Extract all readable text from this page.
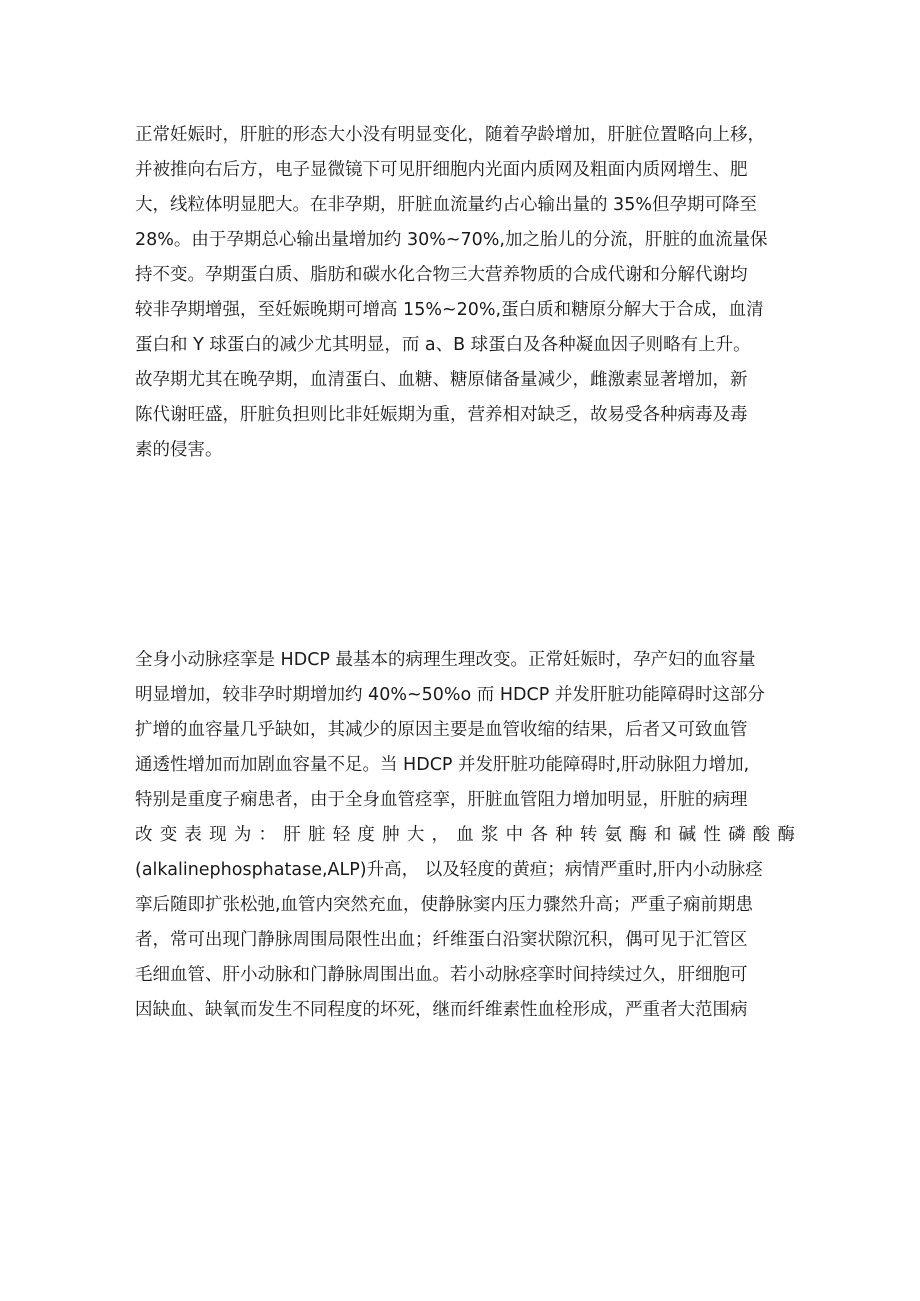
正常妊娠时，肝脏的形态大小没有明显变化，随着孕龄增加，肝脏位置略向上移，
并被推向右后方，电子显微镜下可见肝细胞内光面内质网及粗面内质网增生、肥
大，线粒体明显肥大。在非孕期，肝脏血流量约占心输出量的 35%但孕期可降至
28%。由于孕期总心输出量增加约 30%~70%,加之胎儿的分流，肝脏的血流量保
持不变。孕期蛋白质、脂肪和碳水化合物三大营养物质的合成代谢和分解代谢均
较非孕期增强，至妊娠晚期可增高 15%~20%,蛋白质和糖原分解大于合成，血清
蛋白和 Y 球蛋白的减少尤其明显，而 a、B 球蛋白及各种凝血因子则略有上升。
故孕期尤其在晚孕期，血清蛋白、血糖、糖原储备量减少，雌激素显著增加，新
陈代谢旺盛，肝脏负担则比非妊娠期为重，营养相对缺乏，故易受各种病毒及毒
素的侵害。
全身小动脉痉挛是 HDCP 最基本的病理生理改变。正常妊娠时，孕产妇的血容量
明显增加，较非孕时期增加约 40%~50%o 而 HDCP 并发肝脏功能障碍时这部分
扩增的血容量几乎缺如，其减少的原因主要是血管收缩的结果，后者又可致血管
通透性增加而加剧血容量不足。当 HDCP 并发肝脏功能障碍时,肝动脉阻力增加,
特别是重度子痫患者，由于全身血管痉挛，肝脏血管阻力增加明显，肝脏的病理
改变表现为：肝脏轻度肿大，血浆中各种转氨酶和碱性磷酸酶
(alkalinephosphatase,ALP)升高， 以及轻度的黄疸；病情严重时,肝内小动脉痉
挛后随即扩张松弛,血管内突然充血，使静脉窦内压力骤然升高；严重子痫前期患
者，常可出现门静脉周围局限性出血；纤维蛋白沿窦状隙沉积，偶可见于汇管区
毛细血管、肝小动脉和门静脉周围出血。若小动脉痉挛时间持续过久，肝细胞可
因缺血、缺氧而发生不同程度的坏死，继而纤维素性血栓形成，严重者大范围病
